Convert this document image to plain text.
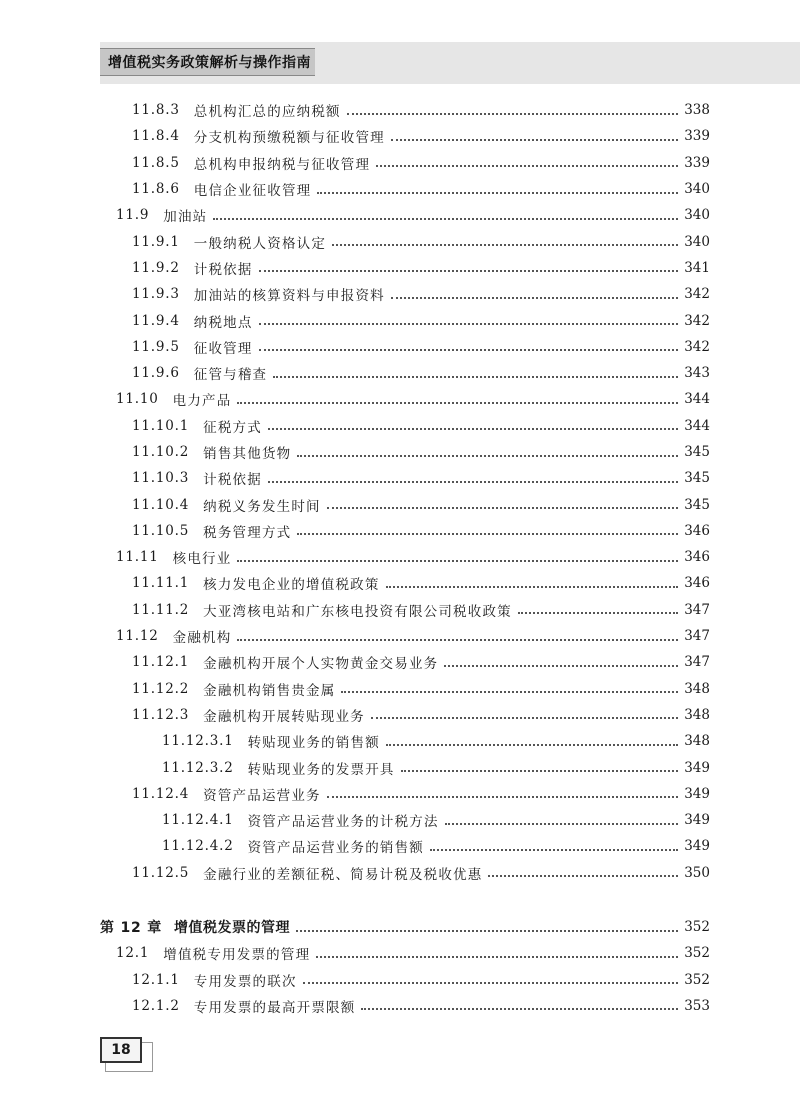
增值税实务政策解析与操作指南
11.8.3 总机构汇总的应纳税额	338
11.8.4 分支机构预缴税额与征收管理	339
11.8.5 总机构申报纳税与征收管理	339
11.8.6 电信企业征收管理	340
11.9 加油站	340
11.9.1 一般纳税人资格认定	340
11.9.2 计税依据	341
11.9.3 加油站的核算资料与申报资料	342
11.9.4 纳税地点	342
11.9.5 征收管理	342
11.9.6 征管与稽查	343
11.10 电力产品	344
11.10.1 征税方式	344
11.10.2 销售其他货物	345
11.10.3 计税依据	345
11.10.4 纳税义务发生时间	345
11.10.5 税务管理方式	346
11.11 核电行业	346
11.11.1 核力发电企业的增值税政策	346
11.11.2 大亚湾核电站和广东核电投资有限公司税收政策	347
11.12 金融机构	347
11.12.1 金融机构开展个人实物黄金交易业务	347
11.12.2 金融机构销售贵金属	348
11.12.3 金融机构开展转贴现业务	348
11.12.3.1 转贴现业务的销售额	348
11.12.3.2 转贴现业务的发票开具	349
11.12.4 资管产品运营业务	349
11.12.4.1 资管产品运营业务的计税方法	349
11.12.4.2 资管产品运营业务的销售额	349
11.12.5 金融行业的差额征税、简易计税及税收优惠	350
第 12 章 增值税发票的管理	352
12.1 增值税专用发票的管理	352
12.1.1 专用发票的联次	352
12.1.2 专用发票的最高开票限额	353
18
